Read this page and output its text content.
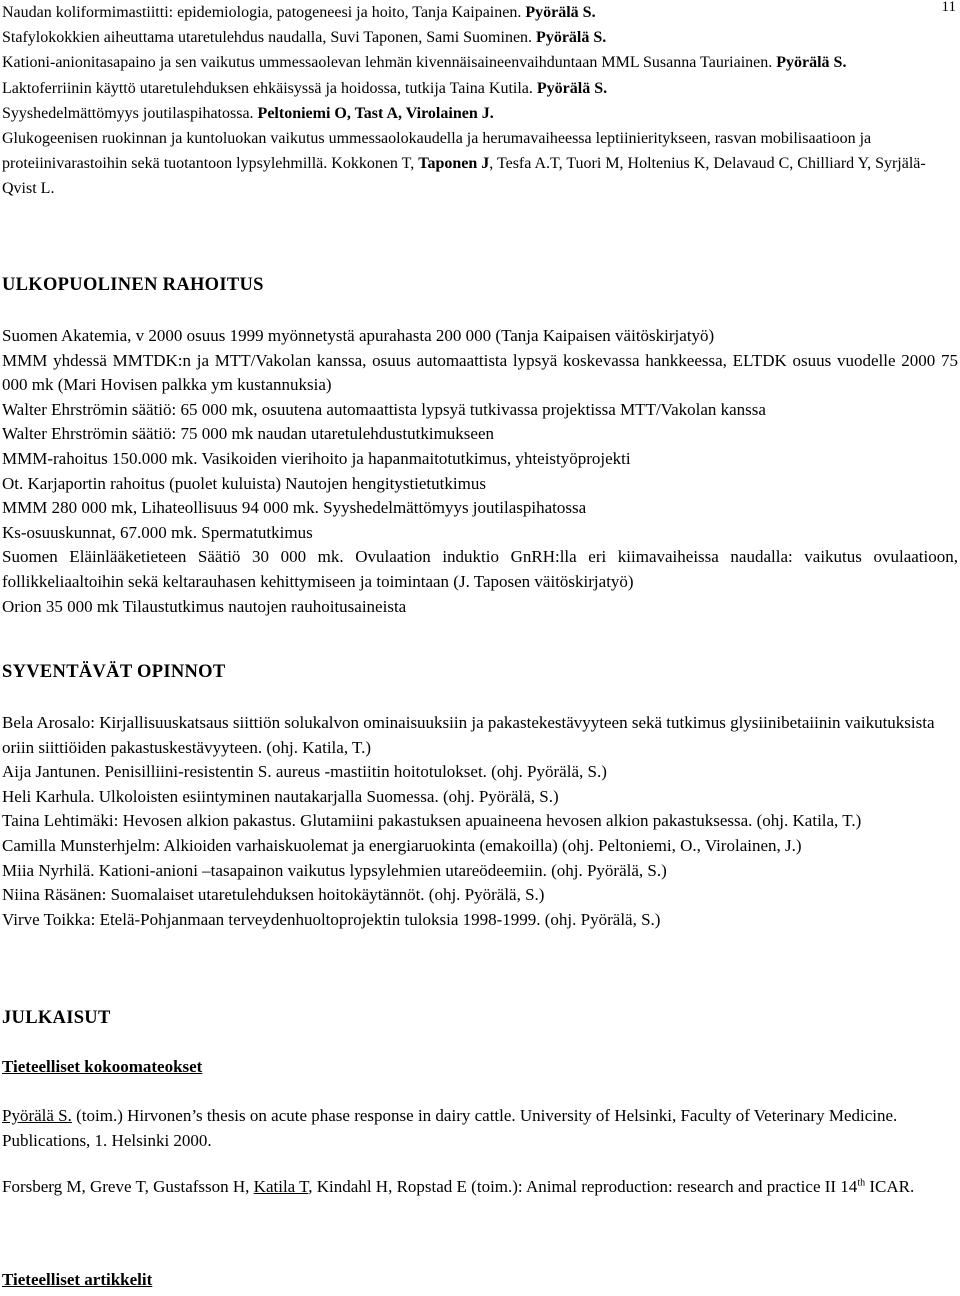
11

Naudan koliformimastiitti: epidemiologia, patogeneesi ja hoito, Tanja Kaipainen. Pyörälä S.

Stafylokokkien aiheuttama utaretulehdus naudalla, Suvi Taponen, Sami Suominen. Pyörälä S.

Kationi-anionitasapaino ja sen vaikutus ummessaolevan lehmän kivennäisaineenvaihduntaan MML Susanna Tauriainen. Pyörälä S.

Laktoferriinin käyttö utaretulehduksen ehkäisyssä ja hoidossa, tutkija Taina Kutila. Pyörälä S.

Syyshedelmättömyys joutilaspihatossa. Peltoniemi O, Tast A, Virolainen J.

Glukogeenisen ruokinnan ja kuntoluokan vaikutus ummessaolokaudella ja herumavaiheessa leptiinieritykseen, rasvan mobilisaatioon ja proteiinivarastoihin sekä tuotantoon lypsylehmillä. Kokkonen T, Taponen J, Tesfa A.T, Tuori M, Holtenius K, Delavaud C, Chilliard Y, Syrjälä-Qvist L.

ULKOPUOLINEN RAHOITUS

Suomen Akatemia, v 2000 osuus 1999 myönnetystä apurahasta 200 000 (Tanja Kaipaisen väitöskirjatyö)

MMM yhdessä MMTDK:n ja MTT/Vakolan kanssa, osuus automaattista lypsyä koskevassa hankkeessa, ELTDK osuus vuodelle 2000 75 000 mk (Mari Hovisen palkka ym kustannuksia)

Walter Ehrströmin säätiö: 65 000 mk, osuutena automaattista lypsyä tutkivassa projektissa MTT/Vakolan kanssa

Walter Ehrströmin säätiö: 75 000 mk naudan utaretulehdustutkimukseen

MMM-rahoitus 150.000 mk. Vasikoiden vierihoito ja hapanmaitotutkimus, yhteistyöprojekti

Ot. Karjaportin rahoitus (puolet kuluista) Nautojen hengitystietutkimus

MMM 280 000 mk, Lihateollisuus 94 000 mk. Syyshedelmättömyys joutilaspihatossa

Ks-osuuskunnat, 67.000 mk. Spermatutkimus

Suomen Eläinlääketieteen Säätiö 30 000 mk. Ovulaation induktio GnRH:lla eri kiimavaiheissa naudalla: vaikutus ovulaatioon, follikkeliaaltoihin sekä keltarauhasen kehittymiseen ja toimintaan (J. Taposen väitöskirjatyö)

Orion 35 000 mk Tilaustutkimus nautojen rauhoitusaineista

SYVENTÄVÄT OPINNOT

Bela Arosalo: Kirjallisuuskatsaus siittiön solukalvon ominaisuuksiin ja pakastekestävyyteen sekä tutkimus glysiinibetaiinin vaikutuksista oriin siittiöiden pakastuskestävyyteen. (ohj. Katila, T.)

Aija Jantunen. Penisilliini-resistentin S. aureus -mastiitin hoitotulokset. (ohj. Pyörälä, S.)

Heli Karhula. Ulkoloisten esiintyminen nautakarjalla Suomessa. (ohj. Pyörälä, S.)

Taina Lehtimäki: Hevosen alkion pakastus. Glutamiini pakastuksen apuaineena hevosen alkion pakastuksessa. (ohj. Katila, T.)

Camilla Munsterhjelm: Alkioiden varhaiskuolemat ja energiaruokinta (emakoilla) (ohj. Peltoniemi, O., Virolainen, J.)

Miia Nyrhilä. Kationi-anioni –tasapainon vaikutus lypsylehmien utareödeemiin. (ohj. Pyörälä, S.)

Niina Räsänen: Suomalaiset utaretulehduksen hoitokäytännöt. (ohj. Pyörälä, S.)

Virve Toikka: Etelä-Pohjanmaan terveydenhuoltoprojektin tuloksia 1998-1999. (ohj. Pyörälä, S.)

JULKAISUT
Tieteelliset kokoomateokset

Pyörälä S. (toim.) Hirvonen’s thesis on acute phase response in dairy cattle. University of Helsinki, Faculty of Veterinary Medicine. Publications, 1. Helsinki 2000.

Forsberg M, Greve T, Gustafsson H, Katila T, Kindahl H, Ropstad E (toim.): Animal reproduction: research and practice II 14th ICAR.

Tieteelliset artikkelit
